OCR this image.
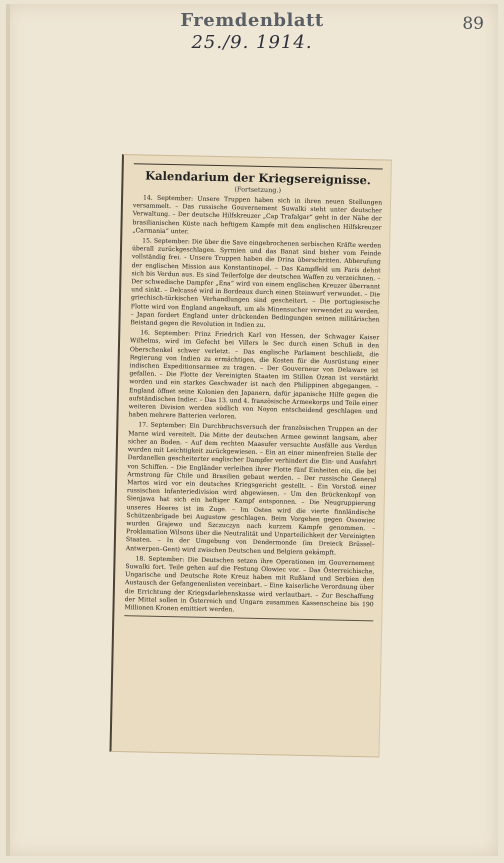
Fremdenblatt	89
25./9. 1914.
Kalendarium der Kriegsereignisse.
(Fortsetzung.)

14. September: Unsere Truppen haben sich in ihren neuen Stellungen versammelt. – Das russische Gouvernement Suwalki steht unter deutscher Verwaltung. – Der deutsche Hilfskreuzer „Cap Trafalgar“ geht in der Nähe der brasilianischen Küste nach heftigem Kampfe mit dem englischen Hilfskreuzer „Carmania“ unter.

15. September: Die über die Save eingebrochenen serbischen Kräfte werden überall zurückgeschlagen. Syrmien und das Banat sind bisher vom Feinde vollständig frei. – Unsere Truppen haben die Drina überschritten. Abberufung der englischen Mission aus Konstantinopel. – Das Kampffeld um Paris dehnt sich bis Verdun aus. Es sind Teilerfolge der deutschen Waffen zu verzeichnen. – Der schwedische Dampfer „Ena“ wird von einem englischen Kreuzer überrannt und sinkt. – Delcassé wird in Bordeaux durch einen Steinwurf verwundet. – Die griechisch-türkischen Verhandlungen sind gescheitert. – Die portugiesische Flotte wird von England angekauft, um als Minensucher verwendet zu werden. – Japan fordert England unter drückenden Bedingungen seinen militärischen Beistand gegen die Revolution in Indien zu.

16. September: Prinz Friedrich Karl von Hessen, der Schwager Kaiser Wilhelms, wird im Gefecht bei Villers le Sec durch einen Schuß in den Oberschenkel schwer verletzt. – Das englische Parlament beschließt, die Regierung von Indien zu ermächtigen, die Kosten für die Ausrüstung einer indischen Expeditionsarmee zu tragen. – Der Gouverneur von Delaware ist gefallen. – Die Flotte der Vereinigten Staaten im Stillen Ozean ist verstärkt worden und ein starkes Geschwader ist nach den Philippinen abgegangen. – England öffnet seine Kolonien den Japanern, dafür japanische Hilfe gegen die aufständischen Indier. – Das 13. und 4. französische Armeekorps und Teile einer weiteren Division werden südlich von Noyon entscheidend geschlagen und haben mehrere Batterien verloren.

17. September: Ein Durchbruchsversuch der französischen Truppen an der Marne wird vereitelt. Die Mitte der deutschen Armee gewinnt langsam, aber sicher an Boden. – Auf dem rechten Maasufer versuchte Ausfälle aus Verdun wurden mit Leichtigkeit zurückgewiesen. – Ein an einer minenfreien Stelle der Dardanellen gescheiterter englischer Dampfer verhindert die Ein- und Ausfahrt von Schiffen. – Die Engländer verleihen ihrer Flotte fünf Einheiten ein, die bei Armstrong für Chile und Brasilien gebaut werden. – Der russische General Martos wird vor ein deutsches Kriegsgericht gestellt. – Ein Vorstoß einer russischen Infanteriedivision wird abgewiesen. – Um den Brückenkopf von Sienjawa hat sich ein heftiger Kampf entsponnen. – Die Neugruppierung unseres Heeres ist im Zuge. – Im Osten wird die vierte finnländische Schützenbrigade bei Augustow geschlagen. Beim Vorgehen gegen Ossowiec wurden Grajewo und Szczuczyn nach kurzem Kampfe genommen. – Proklamation Wilsons über die Neutralität und Unparteilichkeit der Vereinigten Staaten. – In der Umgebung von Dendermonde (im Dreieck Brüssel–Antwerpen–Gent) wird zwischen Deutschen und Belgiern gekämpft.

18. September: Die Deutschen setzen ihre Operationen im Gouvernement Suwalki fort. Teile gehen auf die Festung Olowiec vor. – Das Österreichische, Ungarische und Deutsche Rote Kreuz haben mit Rußland und Serbien den Austausch der Gefangenenlisten vereinbart. – Eine kaiserliche Verordnung über die Errichtung der Kriegsdarlehenskasse wird verlautbart. – Zur Beschaffung der Mittel sollen in Österreich und Ungarn zusammen Kassenscheine bis 190 Millionen Kronen emittiert werden.
